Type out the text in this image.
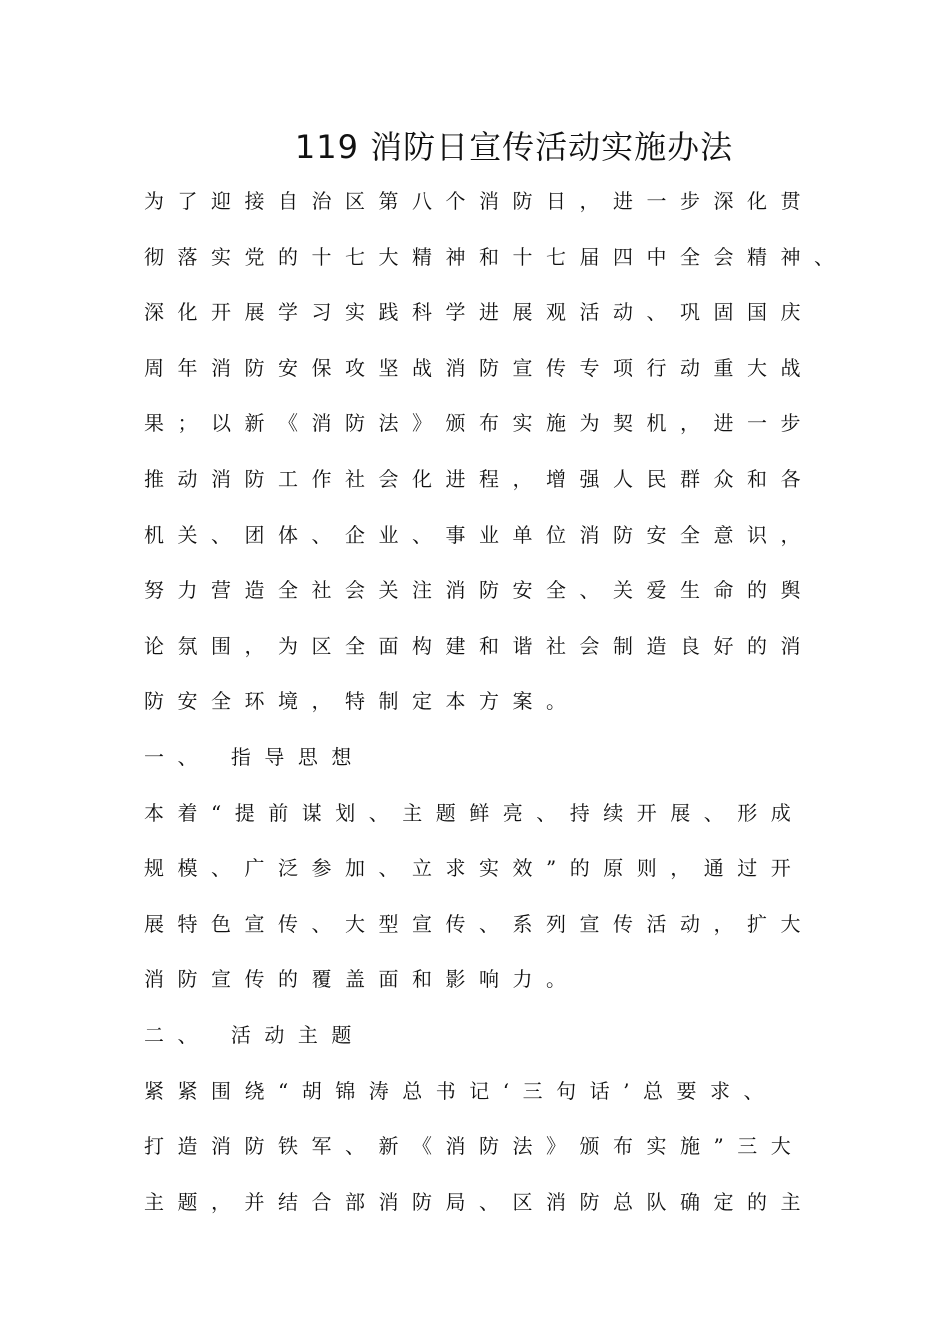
119 消防日宣传活动实施办法
为了迎接自治区第八个消防日，进一步深化贯
彻落实党的十七大精神和十七届四中全会精神、
深化开展学习实践科学进展观活动、巩固国庆
周年消防安保攻坚战消防宣传专项行动重大战
果；以新《消防法》颁布实施为契机，进一步
推动消防工作社会化进程，增强人民群众和各
机关、团体、企业、事业单位消防安全意识，
努力营造全社会关注消防安全、关爱生命的舆
论氛围，为区全面构建和谐社会制造良好的消
防安全环境，特制定本方案。
一、 指导思想
本着“提前谋划、主题鲜亮、持续开展、形成
规模、广泛参加、立求实效”的原则，通过开
展特色宣传、大型宣传、系列宣传活动，扩大
消防宣传的覆盖面和影响力。
二、 活动主题
紧紧围绕“胡锦涛总书记‘三句话’总要求、
打造消防铁军、新《消防法》颁布实施”三大
主题，并结合部消防局、区消防总队确定的主
